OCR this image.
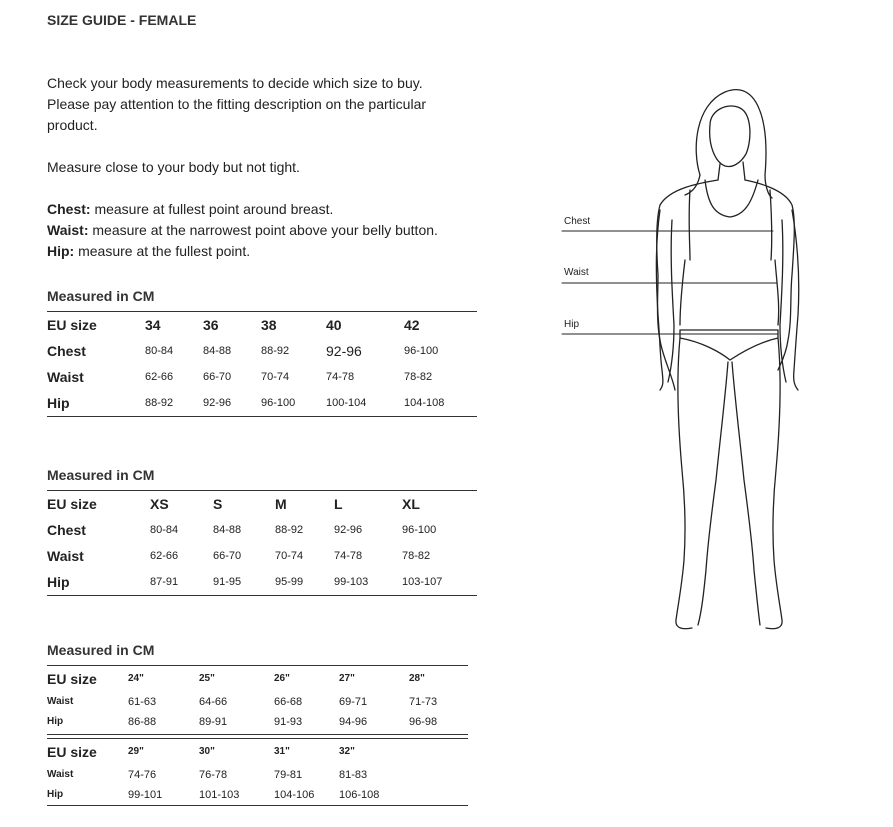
SIZE GUIDE - FEMALE

Check your body measurements to decide which size to buy.

Please pay attention to the fitting description on the particular

product.

Measure close to your body but not tight.

Chest: measure at fullest point around breast.

Waist: measure at the narrowest point above your belly button.

Hip: measure at the fullest point.

Measured in CM
EU size	34	36	38	40	42
Chest	80-84	84-88	88-92	92-96	96-100
Waist	62-66	66-70	70-74	74-78	78-82
Hip	88-92	92-96	96-100	100-104	104-108
Measured in CM
EU size	XS	S	M	L	XL
Chest	80-84	84-88	88-92	92-96	96-100
Waist	62-66	66-70	70-74	74-78	78-82
Hip	87-91	91-95	95-99	99-103	103-107
Measured in CM
EU size	24"	25"	26"	27"	28"
Waist	61-63	64-66	66-68	69-71	71-73
Hip	86-88	89-91	91-93	94-96	96-98
EU size	29"	30"	31"	32"
Waist	74-76	76-78	79-81	81-83
Hip	99-101	101-103	104-106 106-108
Chest
Waist
Hip
